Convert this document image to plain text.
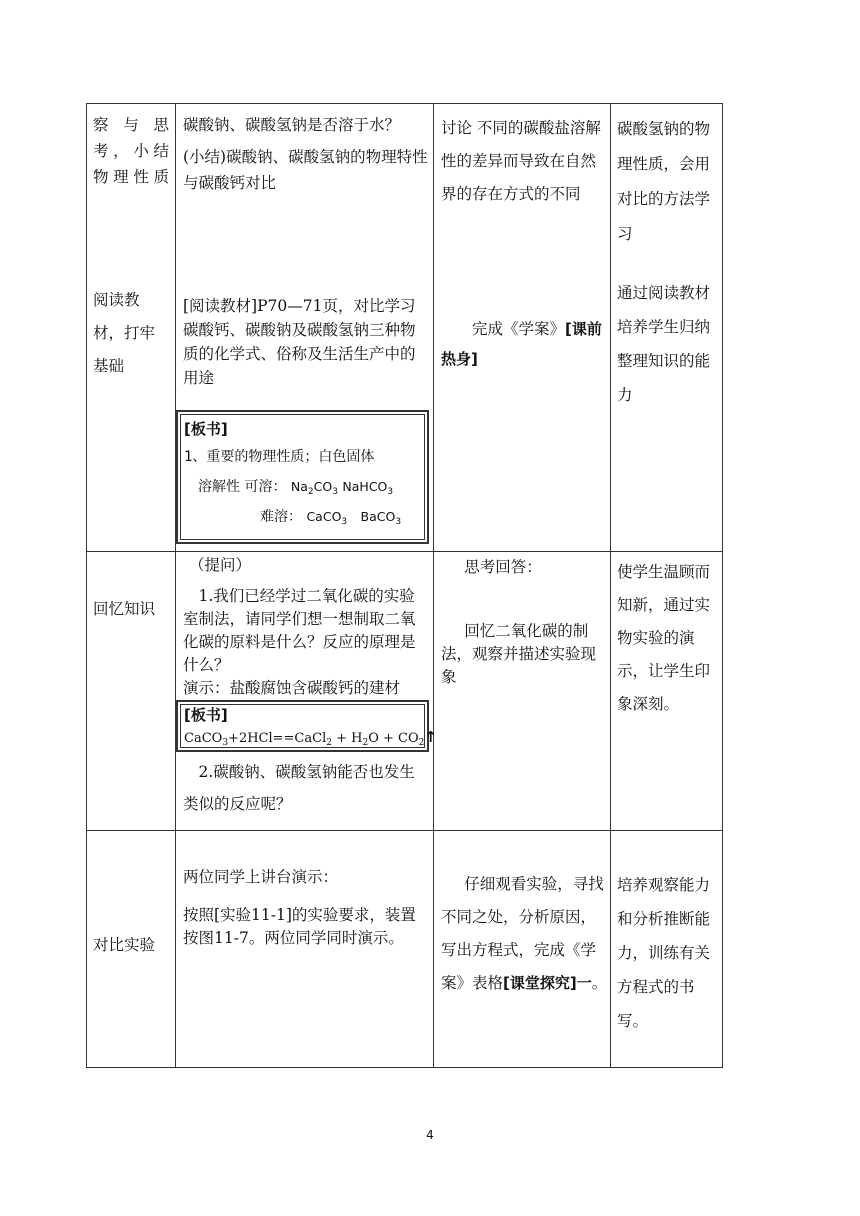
察与思考，小结物理性质
碳酸钠、碳酸氢钠是否溶于水？
(小结)碳酸钠、碳酸氢钠的物理特性与碳酸钙对比
讨论 不同的碳酸盐溶解性的差异而导致在自然界的存在方式的不同
碳酸氢钠的物理性质，会用对比的方法学习
阅读教材，打牢基础
[阅读教材]P70—71页，对比学习碳酸钙、碳酸钠及碳酸氢钠三种物质的化学式、俗称及生活生产中的用途
完成《学案》[课前热身]
通过阅读教材培养学生归纳整理知识的能力
[板书]
1、重要的物理性质；白色固体
溶解性 可溶： $Na_2CO_3$ NaHCO$_3$
难溶： CaCO$_3$ BaCO$_3$
回忆知识
（提问）
1.我们已经学过二氧化碳的实验室制法，请同学们想一想制取二氧化碳的原料是什么？反应的原理是什么？
演示：盐酸腐蚀含碳酸钙的建材
[板书]
CaCO$_3$+2HCl==CaCl$_2$ + $H_2O$ + $CO_2↑$
2.碳酸钠、碳酸氢钠能否也发生类似的反应呢？
思考回答：
回忆二氧化碳的制法，观察并描述实验现象
使学生温顾而知新，通过实物实验的演示，让学生印象深刻。
对比实验
两位同学上讲台演示：
按照[实验11-1]的实验要求，装置按图11-7。两位同学同时演示。
仔细观看实验，寻找不同之处，分析原因，写出方程式，完成《学案》表格[课堂探究]一。
培养观察能力和分析推断能力，训练有关方程式的书写。
4
